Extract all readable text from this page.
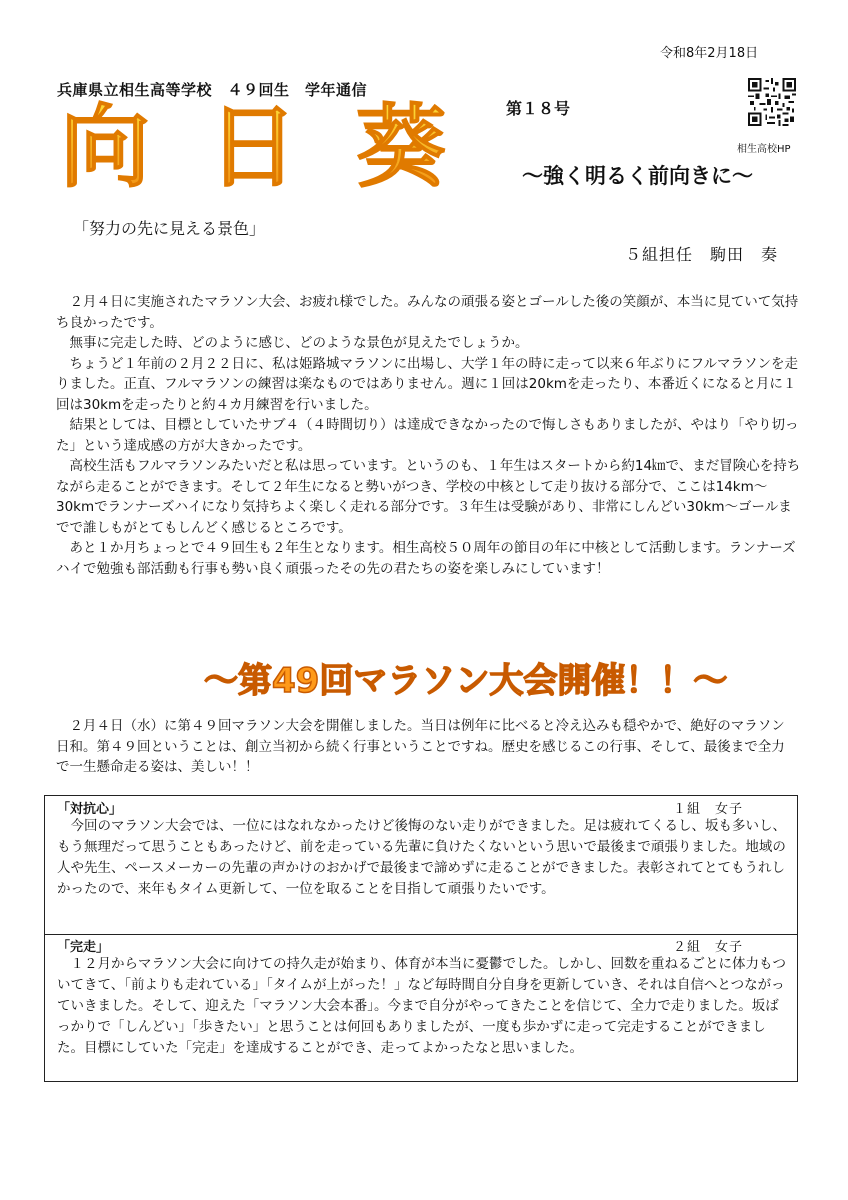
令和8年2月18日
兵庫県立相生高等学校　４９回生　学年通信
向日葵 第１８号
～強く明るく前向きに～
相生高校HP
「努力の先に見える景色」
５組担任　駒田　奏

２月４日に実施されたマラソン大会、お疲れ様でした。みんなの頑張る姿とゴールした後の笑顔が、本当に見ていて気持ち良かったです。

無事に完走した時、どのように感じ、どのような景色が見えたでしょうか。

ちょうど１年前の２月２２日に、私は姫路城マラソンに出場し、大学１年の時に走って以来６年ぶりにフルマラソンを走りました。正直、フルマラソンの練習は楽なものではありません。週に１回は20kmを走ったり、本番近くになると月に１回は30kmを走ったりと約４カ月練習を行いました。

結果としては、目標としていたサブ４（４時間切り）は達成できなかったので悔しさもありましたが、やはり「やり切った」という達成感の方が大きかったです。

高校生活もフルマラソンみたいだと私は思っています。というのも、１年生はスタートから約14㎞で、まだ冒険心を持ちながら走ることができます。そして２年生になると勢いがつき、学校の中核として走り抜ける部分で、ここは14km～30kmでランナーズハイになり気持ちよく楽しく走れる部分です。３年生は受験があり、非常にしんどい30km～ゴールまでで誰しもがとてもしんどく感じるところです。

あと１か月ちょっとで４９回生も２年生となります。相生高校５０周年の節目の年に中核として活動します。ランナーズハイで勉強も部活動も行事も勢い良く頑張ったその先の君たちの姿を楽しみにしています！

～第49回マラソン大会開催！！～

２月４日（水）に第４９回マラソン大会を開催しました。当日は例年に比べると冷え込みも穏やかで、絶好のマラソン日和。第４９回ということは、創立当初から続く行事ということですね。歴史を感じるこの行事、そして、最後まで全力で一生懸命走る姿は、美しい！！

「対抗心」	１組　女子

今回のマラソン大会では、一位にはなれなかったけど後悔のない走りができました。足は疲れてくるし、坂も多いし、もう無理だって思うこともあったけど、前を走っている先輩に負けたくないという思いで最後まで頑張りました。地域の人や先生、ペースメーカーの先輩の声かけのおかげで最後まで諦めずに走ることができました。表彰されてとてもうれしかったので、来年もタイム更新して、一位を取ることを目指して頑張りたいです。

「完走」	２組　女子

１２月からマラソン大会に向けての持久走が始まり、体育が本当に憂鬱でした。しかし、回数を重ねるごとに体力もついてきて、「前よりも走れている」「タイムが上がった！」など毎時間自分自身を更新していき、それは自信へとつながっていきました。そして、迎えた「マラソン大会本番」。今まで自分がやってきたことを信じて、全力で走りました。坂ばっかりで「しんどい」「歩きたい」と思うことは何回もありましたが、一度も歩かずに走って完走することができました。目標にしていた「完走」を達成することができ、走ってよかったなと思いました。
